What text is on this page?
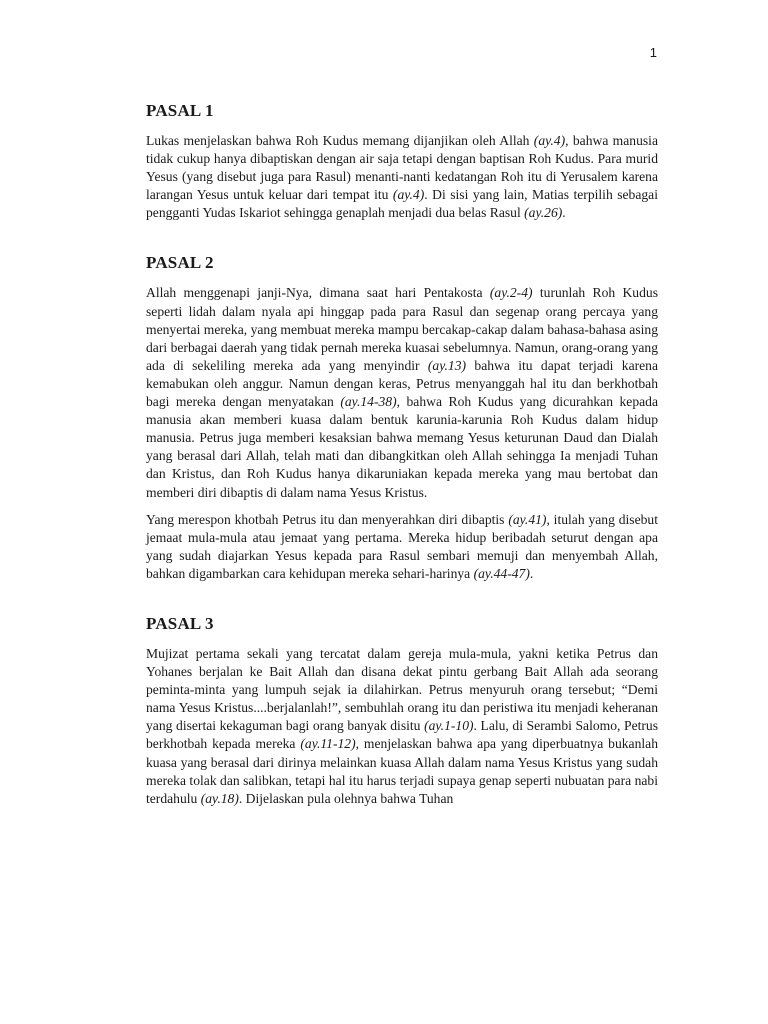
1
PASAL 1

Lukas menjelaskan bahwa Roh Kudus memang dijanjikan oleh Allah (ay.4), bahwa manusia tidak cukup hanya dibaptiskan dengan air saja tetapi dengan baptisan Roh Kudus. Para murid Yesus (yang disebut juga para Rasul) menanti-nanti kedatangan Roh itu di Yerusalem karena larangan Yesus untuk keluar dari tempat itu (ay.4). Di sisi yang lain, Matias terpilih sebagai pengganti Yudas Iskariot sehingga genaplah menjadi dua belas Rasul (ay.26).

PASAL 2

Allah menggenapi janji-Nya, dimana saat hari Pentakosta (ay.2-4) turunlah Roh Kudus seperti lidah dalam nyala api hinggap pada para Rasul dan segenap orang percaya yang menyertai mereka, yang membuat mereka mampu bercakap-cakap dalam bahasa-bahasa asing dari berbagai daerah yang tidak pernah mereka kuasai sebelumnya. Namun, orang-orang yang ada di sekeliling mereka ada yang menyindir (ay.13) bahwa itu dapat terjadi karena kemabukan oleh anggur. Namun dengan keras, Petrus menyanggah hal itu dan berkhotbah bagi mereka dengan menyatakan (ay.14-38), bahwa Roh Kudus yang dicurahkan kepada manusia akan memberi kuasa dalam bentuk karunia-karunia Roh Kudus dalam hidup manusia. Petrus juga memberi kesaksian bahwa memang Yesus keturunan Daud dan Dialah yang berasal dari Allah, telah mati dan dibangkitkan oleh Allah sehingga Ia menjadi Tuhan dan Kristus, dan Roh Kudus hanya dikaruniakan kepada mereka yang mau bertobat dan memberi diri dibaptis di dalam nama Yesus Kristus.

Yang merespon khotbah Petrus itu dan menyerahkan diri dibaptis (ay.41), itulah yang disebut jemaat mula-mula atau jemaat yang pertama. Mereka hidup beribadah seturut dengan apa yang sudah diajarkan Yesus kepada para Rasul sembari memuji dan menyembah Allah, bahkan digambarkan cara kehidupan mereka sehari-harinya (ay.44-47).

PASAL 3

Mujizat pertama sekali yang tercatat dalam gereja mula-mula, yakni ketika Petrus dan Yohanes berjalan ke Bait Allah dan disana dekat pintu gerbang Bait Allah ada seorang peminta-minta yang lumpuh sejak ia dilahirkan. Petrus menyuruh orang tersebut; “Demi nama Yesus Kristus....berjalanlah!”, sembuhlah orang itu dan peristiwa itu menjadi keheranan yang disertai kekaguman bagi orang banyak disitu (ay.1-10). Lalu, di Serambi Salomo, Petrus berkhotbah kepada mereka (ay.11-12), menjelaskan bahwa apa yang diperbuatnya bukanlah kuasa yang berasal dari dirinya melainkan kuasa Allah dalam nama Yesus Kristus yang sudah mereka tolak dan salibkan, tetapi hal itu harus terjadi supaya genap seperti nubuatan para nabi terdahulu (ay.18). Dijelaskan pula olehnya bahwa Tuhan
